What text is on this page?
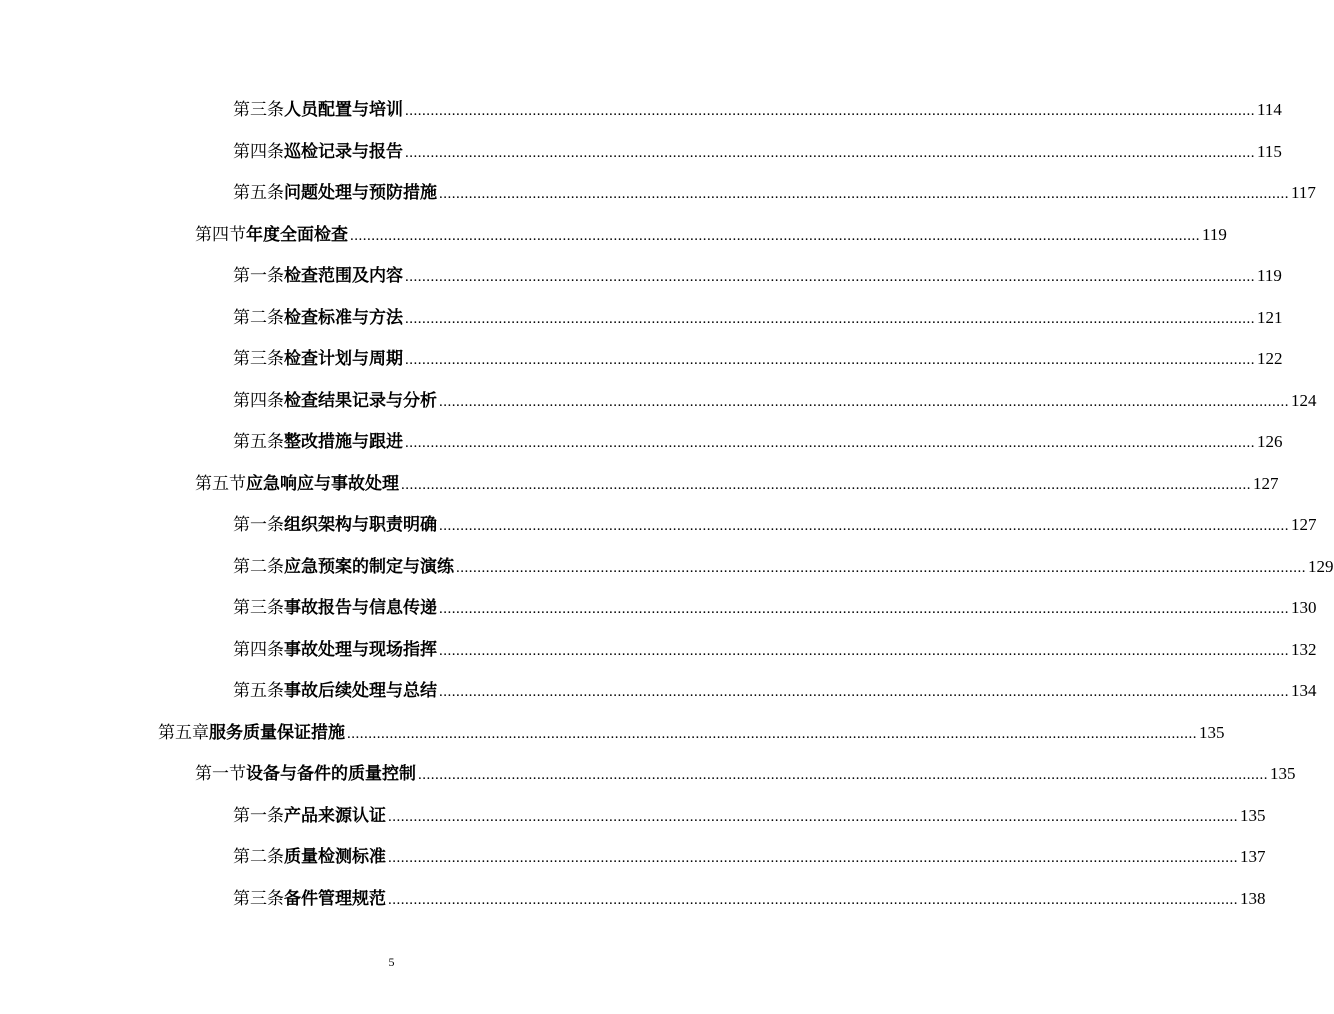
第三条 人员配置与培训 ........................................................................................................................................................................................................ 114
第四条 巡检记录与报告 ........................................................................................................................................................................................................ 115
第五条 问题处理与预防措施 ........................................................................................................................................................................................................ 117
第四节 年度全面检查 ........................................................................................................................................................................................................ 119
第一条 检查范围及内容 ........................................................................................................................................................................................................ 119
第二条 检查标准与方法 ........................................................................................................................................................................................................ 121
第三条 检查计划与周期 ........................................................................................................................................................................................................ 122
第四条 检查结果记录与分析 ........................................................................................................................................................................................................ 124
第五条 整改措施与跟进 ........................................................................................................................................................................................................ 126
第五节 应急响应与事故处理 ........................................................................................................................................................................................................ 127
第一条 组织架构与职责明确 ........................................................................................................................................................................................................ 127
第二条 应急预案的制定与演练 ........................................................................................................................................................................................................ 129
第三条 事故报告与信息传递 ........................................................................................................................................................................................................ 130
第四条 事故处理与现场指挥 ........................................................................................................................................................................................................ 132
第五条 事故后续处理与总结 ........................................................................................................................................................................................................ 134
第五章 服务质量保证措施 ........................................................................................................................................................................................................ 135
第一节 设备与备件的质量控制 ........................................................................................................................................................................................................ 135
第一条 产品来源认证 ........................................................................................................................................................................................................ 135
第二条 质量检测标准 ........................................................................................................................................................................................................ 137
第三条 备件管理规范 ........................................................................................................................................................................................................ 138
5
